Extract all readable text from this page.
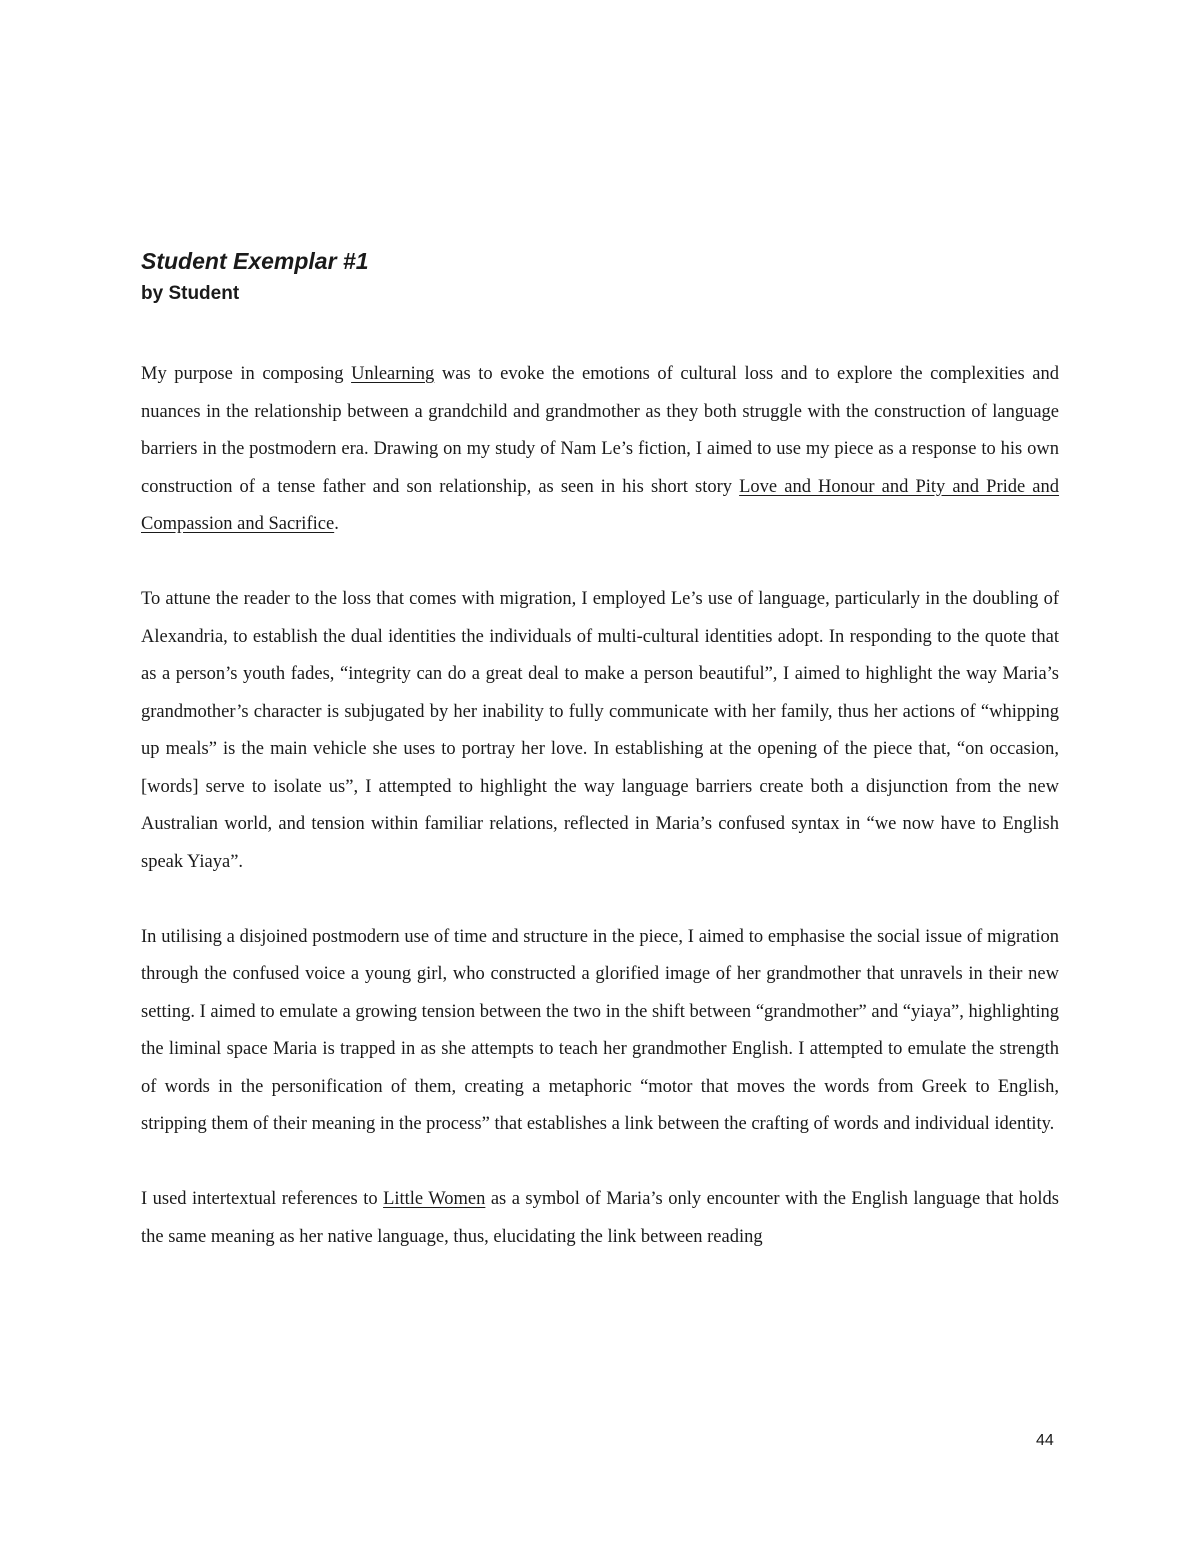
Student Exemplar #1
by Student

My purpose in composing Unlearning was to evoke the emotions of cultural loss and to explore the complexities and nuances in the relationship between a grandchild and grandmother as they both struggle with the construction of language barriers in the postmodern era. Drawing on my study of Nam Le’s fiction, I aimed to use my piece as a response to his own construction of a tense father and son relationship, as seen in his short story Love and Honour and Pity and Pride and Compassion and Sacrifice.

To attune the reader to the loss that comes with migration, I employed Le’s use of language, particularly in the doubling of Alexandria, to establish the dual identities the individuals of multi-cultural identities adopt. In responding to the quote that as a person’s youth fades, “integrity can do a great deal to make a person beautiful”, I aimed to highlight the way Maria’s grandmother’s character is subjugated by her inability to fully communicate with her family, thus her actions of “whipping up meals” is the main vehicle she uses to portray her love. In establishing at the opening of the piece that, “on occasion, [words] serve to isolate us”, I attempted to highlight the way language barriers create both a disjunction from the new Australian world, and tension within familiar relations, reflected in Maria’s confused syntax in “we now have to English speak Yiaya”.

In utilising a disjoined postmodern use of time and structure in the piece, I aimed to emphasise the social issue of migration through the confused voice a young girl, who constructed a glorified image of her grandmother that unravels in their new setting. I aimed to emulate a growing tension between the two in the shift between “grandmother” and “yiaya”, highlighting the liminal space Maria is trapped in as she attempts to teach her grandmother English. I attempted to emulate the strength of words in the personification of them, creating a metaphoric “motor that moves the words from Greek to English, stripping them of their meaning in the process” that establishes a link between the crafting of words and individual identity.

I used intertextual references to Little Women as a symbol of Maria’s only encounter with the English language that holds the same meaning as her native language, thus, elucidating the link between reading

44
